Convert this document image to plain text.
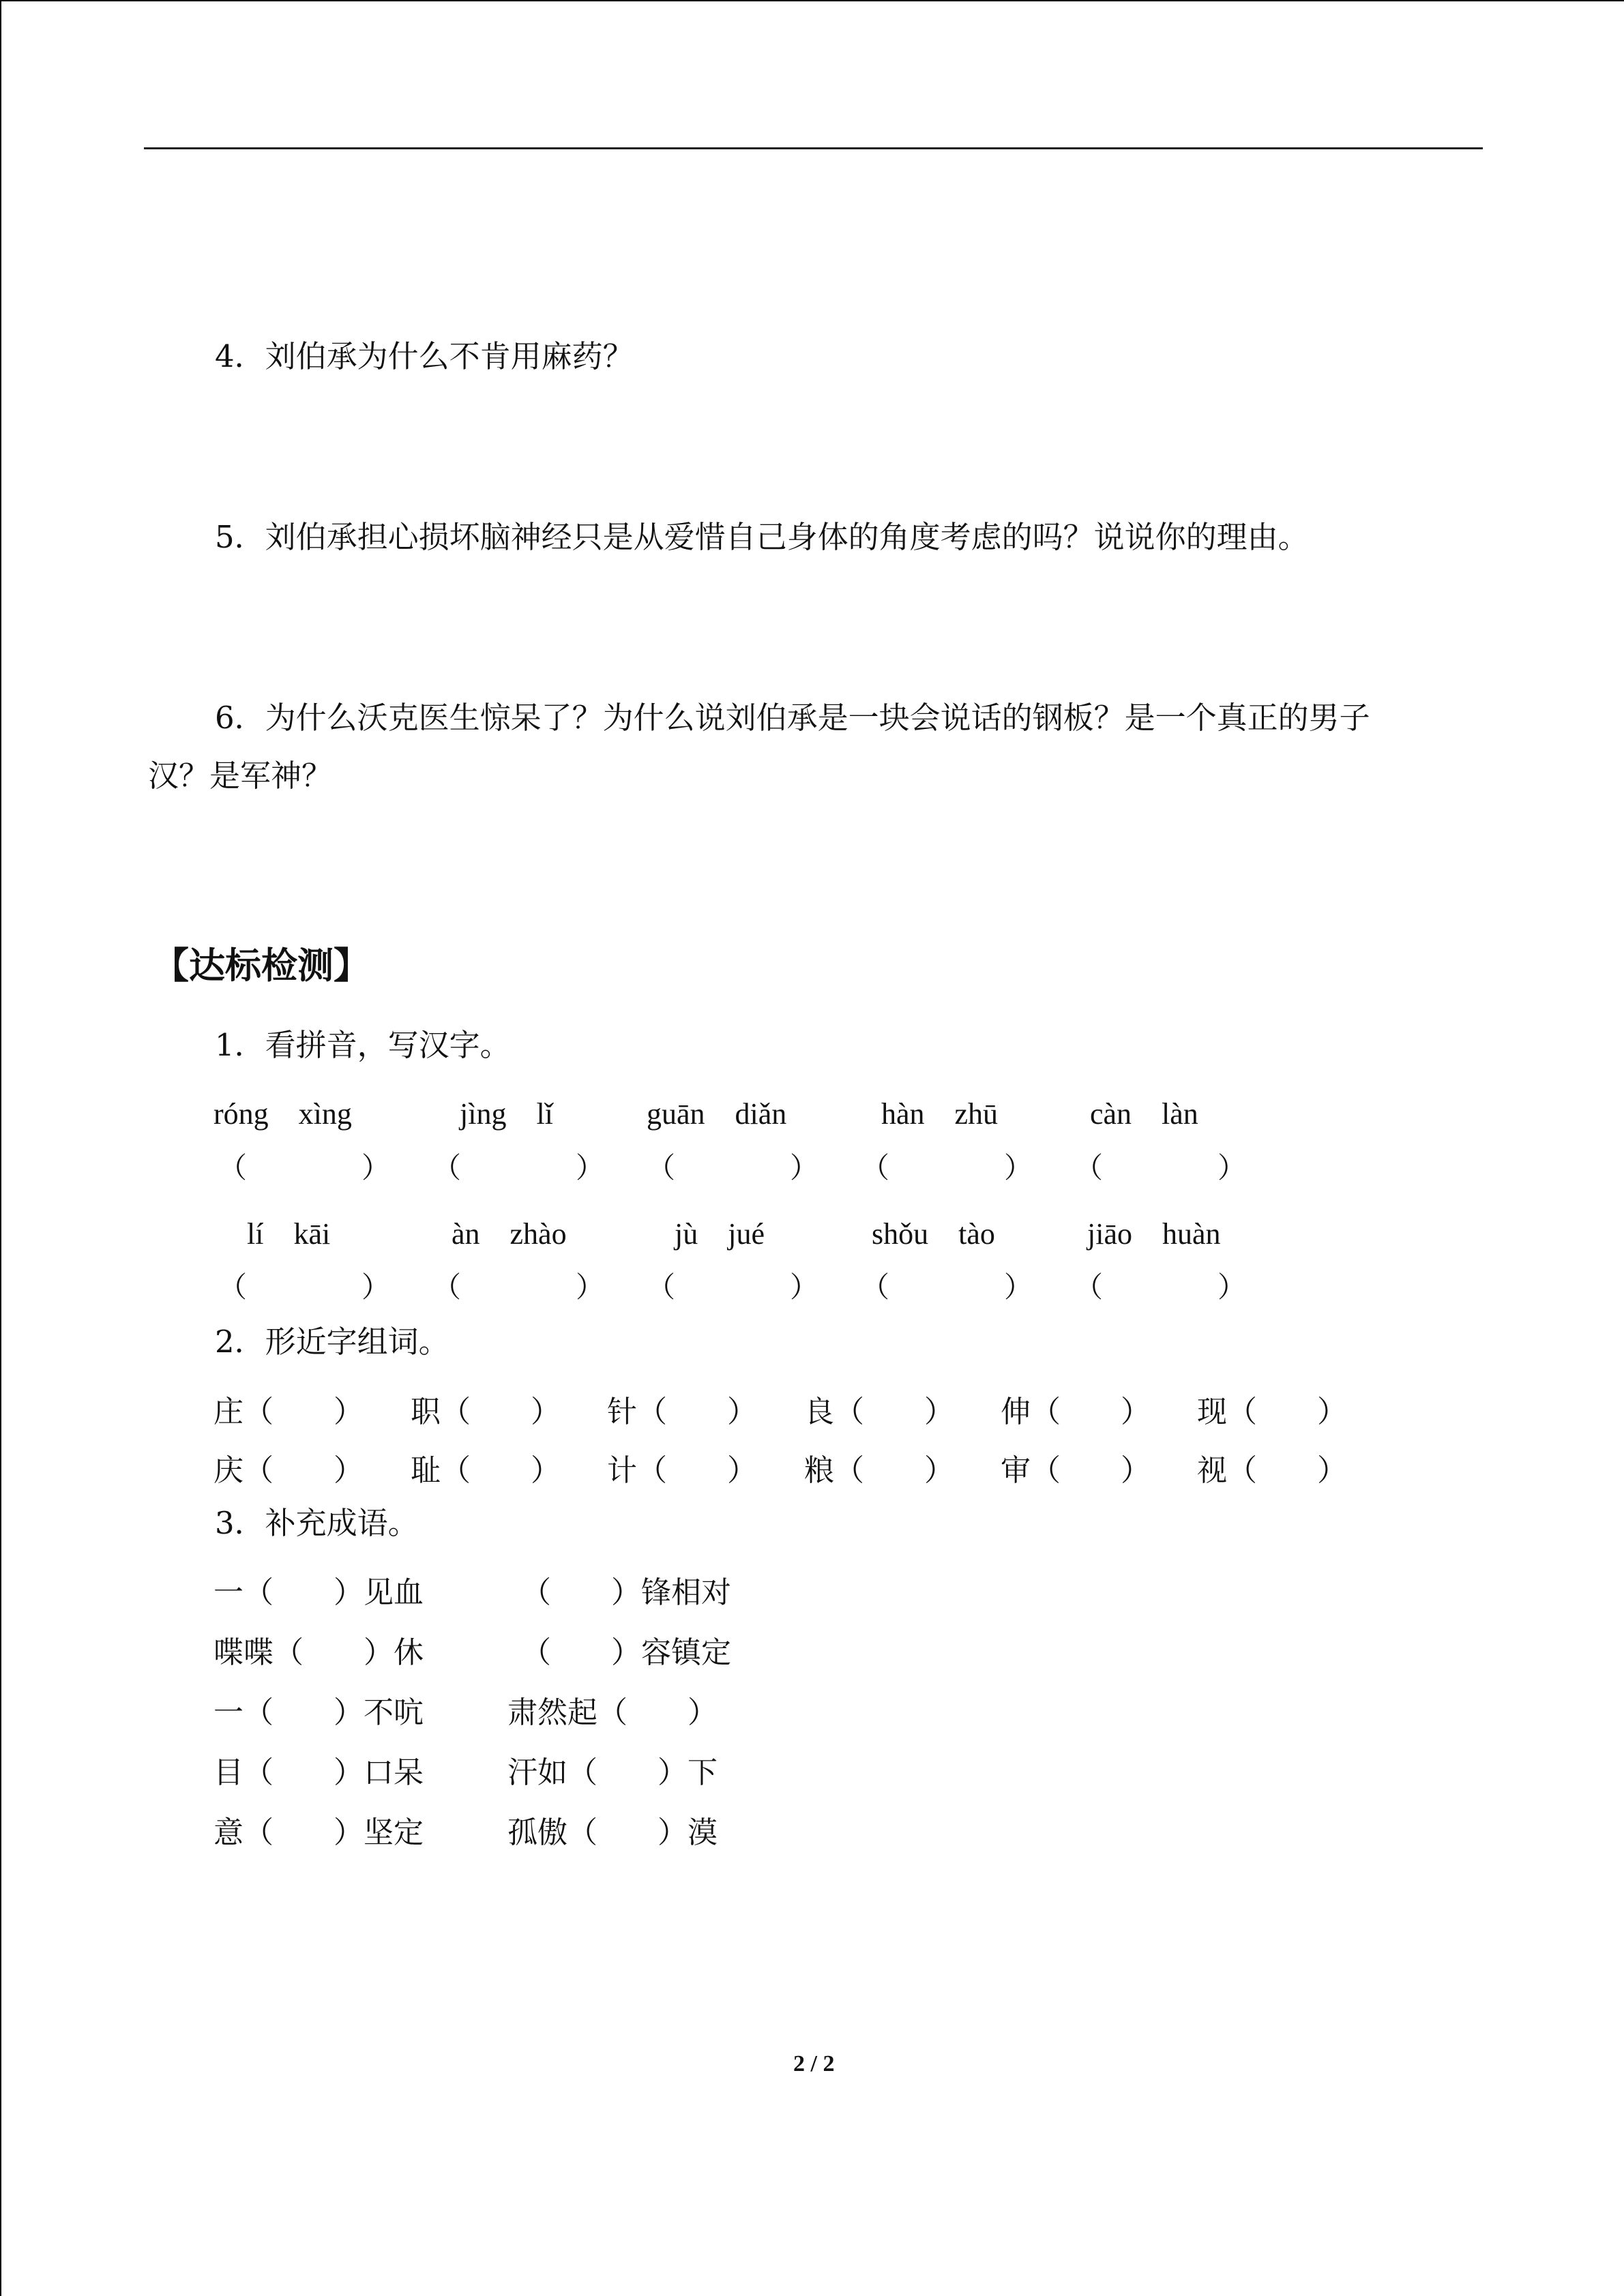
4．刘伯承为什么不肯用麻药？
5．刘伯承担心损坏脑神经只是从爱惜自己身体的角度考虑的吗？说说你的理由。
6．为什么沃克医生惊呆了？为什么说刘伯承是一块会说话的钢板？是一个真正的男子
汉？是军神？
【达标检测】
1．看拼音，写汉字。
róng　xìng	jìng　lǐ	guān　diǎn	hàn　zhū	càn　làn
（　　　　） （　　　　） （　　　　） （　　　　） （　　　　）
lí　kāi	àn　zhào	jù　jué	shǒu　tào	jiāo　huàn
（　　　　） （　　　　） （　　　　） （　　　　） （　　　　）
2．形近字组词。
庄（　　） 职（　　） 针（　　） 良（　　） 伸（　　） 现（　　）
庆（　　） 耻（　　） 计（　　） 粮（　　） 审（　　） 视（　　）
3．补充成语。
一（　　）见血	（　　）锋相对
喋喋（　　）休	（　　）容镇定
一（　　）不吭	肃然起（　　）
目（　　）口呆	汗如（　　）下
意（　　）坚定	孤傲（　　）漠
2 / 2
